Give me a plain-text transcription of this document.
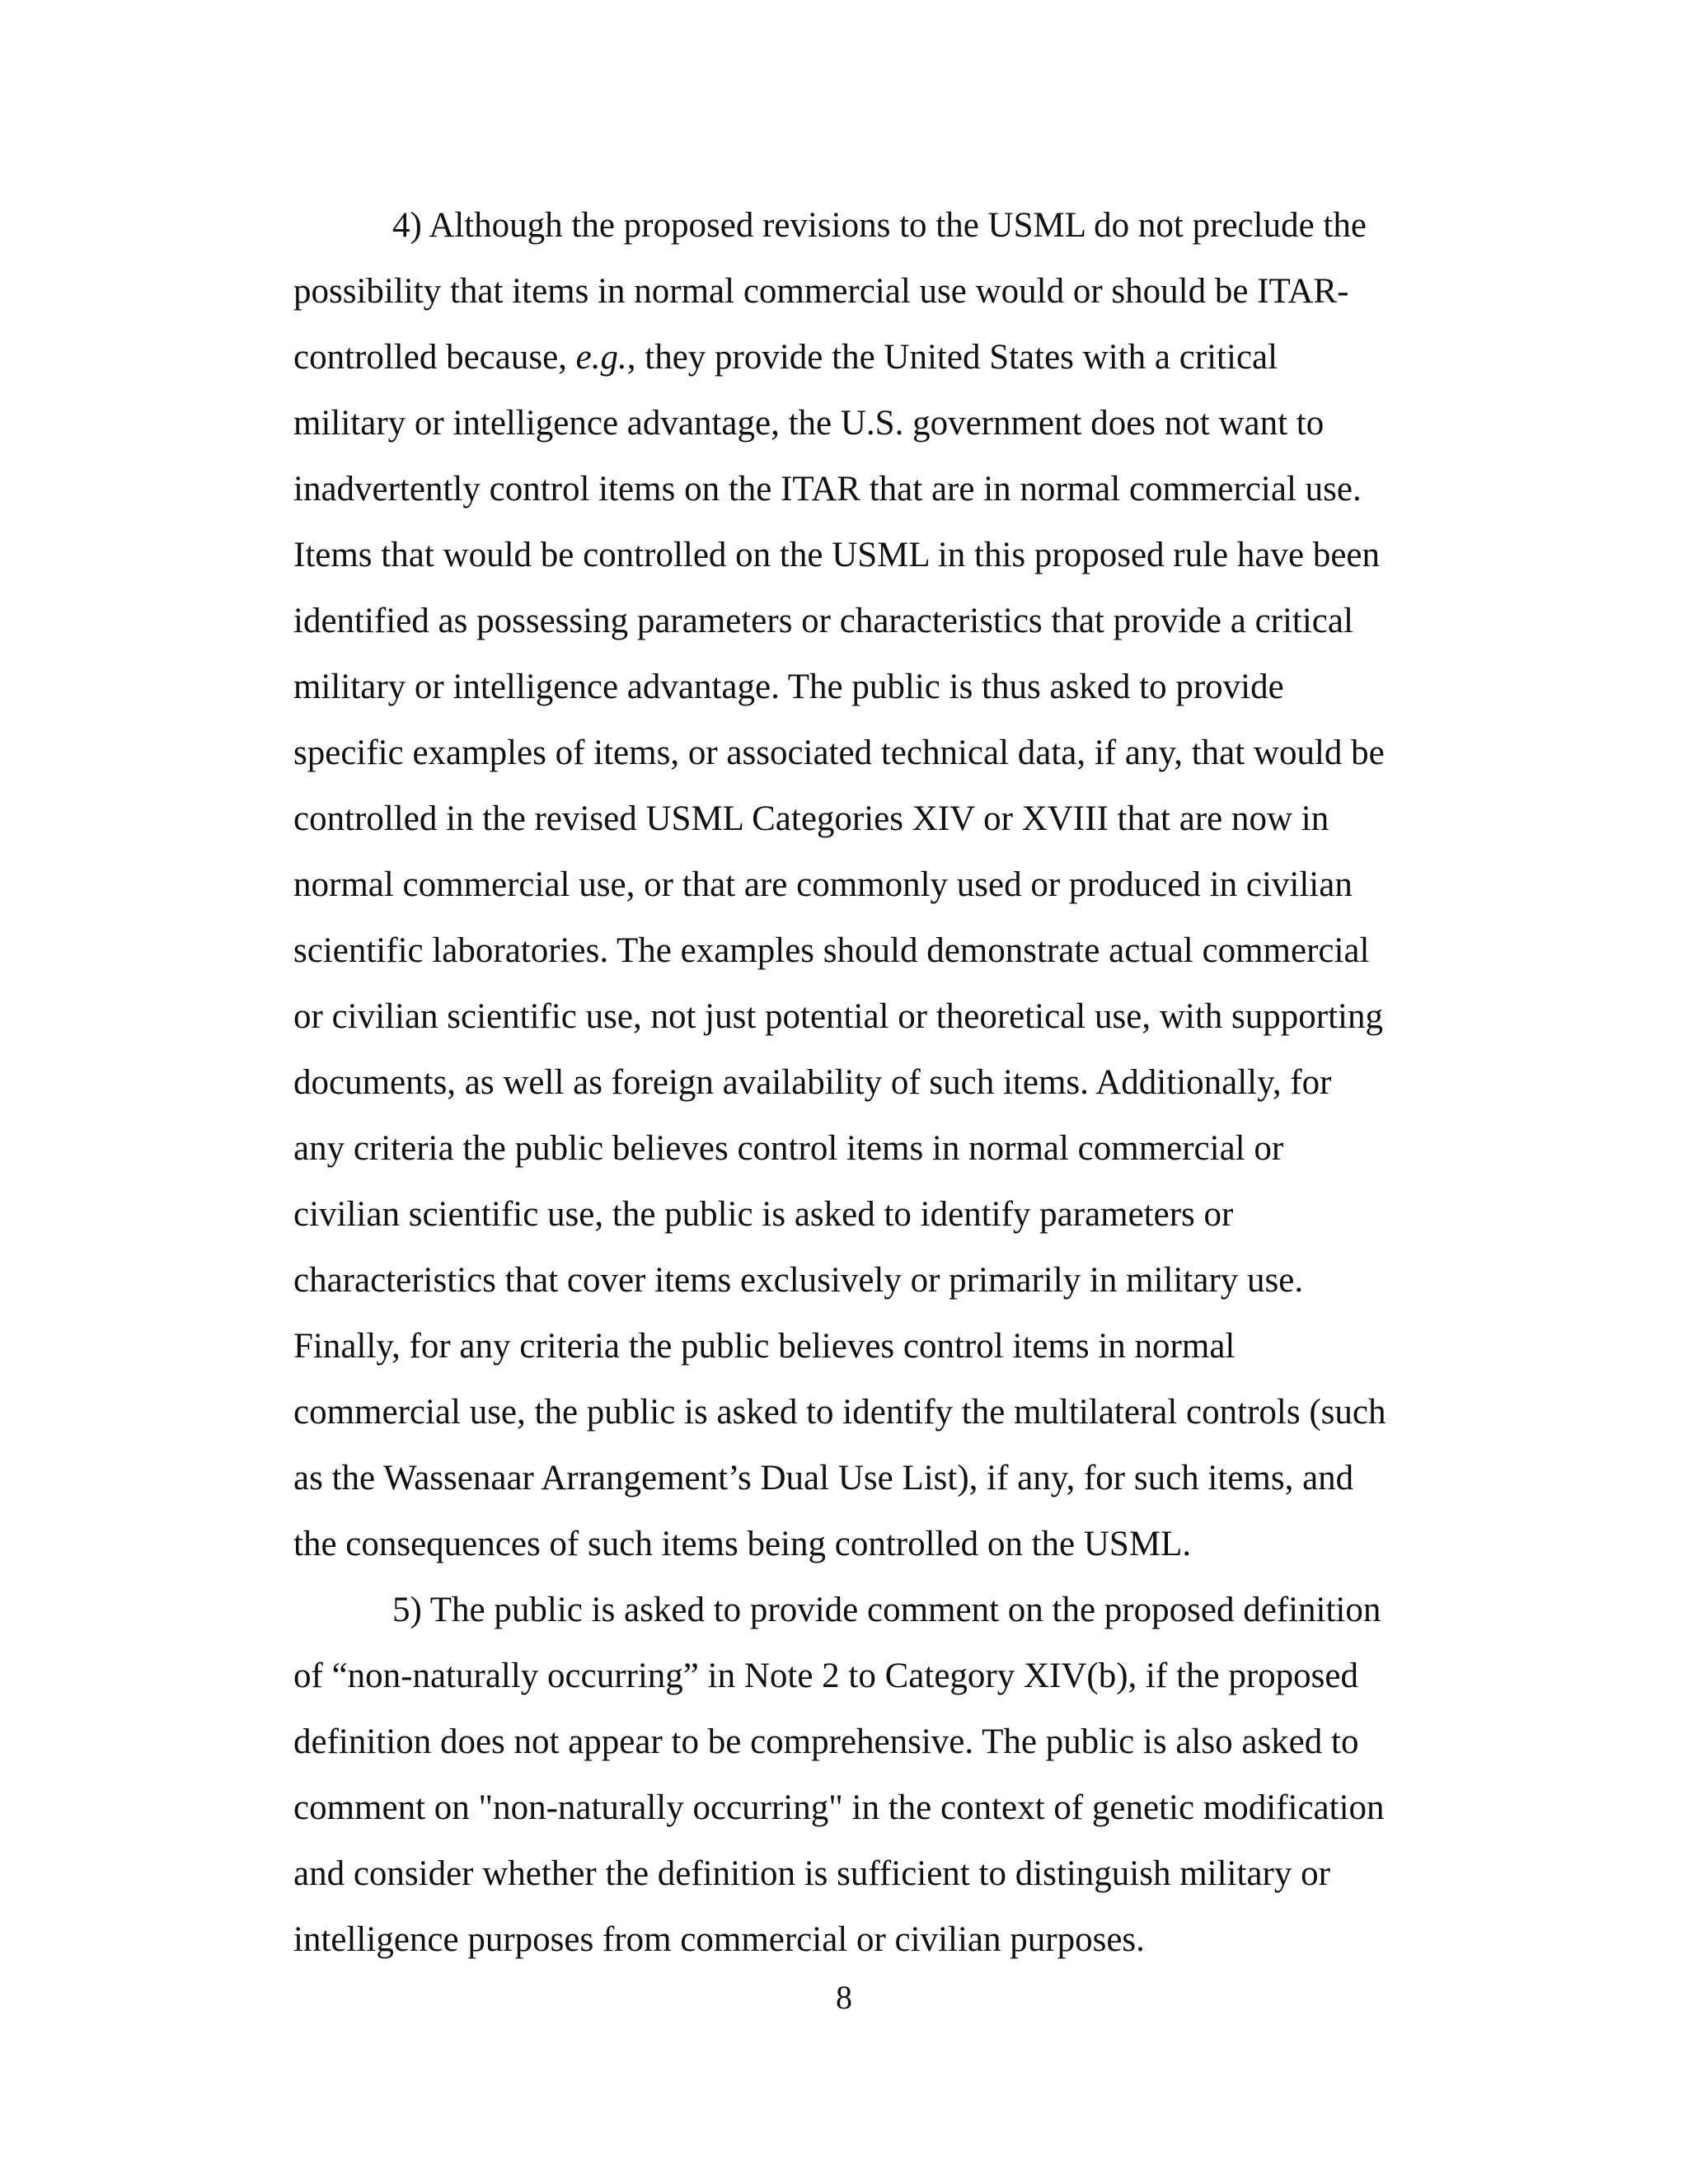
4) Although the proposed revisions to the USML do not preclude the
possibility that items in normal commercial use would or should be ITAR-
controlled because, e.g., they provide the United States with a critical
military or intelligence advantage, the U.S. government does not want to
inadvertently control items on the ITAR that are in normal commercial use.
Items that would be controlled on the USML in this proposed rule have been
identified as possessing parameters or characteristics that provide a critical
military or intelligence advantage. The public is thus asked to provide
specific examples of items, or associated technical data, if any, that would be
controlled in the revised USML Categories XIV or XVIII that are now in
normal commercial use, or that are commonly used or produced in civilian
scientific laboratories. The examples should demonstrate actual commercial
or civilian scientific use, not just potential or theoretical use, with supporting
documents, as well as foreign availability of such items. Additionally, for
any criteria the public believes control items in normal commercial or
civilian scientific use, the public is asked to identify parameters or
characteristics that cover items exclusively or primarily in military use.
Finally, for any criteria the public believes control items in normal
commercial use, the public is asked to identify the multilateral controls (such
as the Wassenaar Arrangement’s Dual Use List), if any, for such items, and
the consequences of such items being controlled on the USML.
5) The public is asked to provide comment on the proposed definition
of “non-naturally occurring” in Note 2 to Category XIV(b), if the proposed
definition does not appear to be comprehensive. The public is also asked to
comment on "non-naturally occurring" in the context of genetic modification
and consider whether the definition is sufficient to distinguish military or
intelligence purposes from commercial or civilian purposes.
8
